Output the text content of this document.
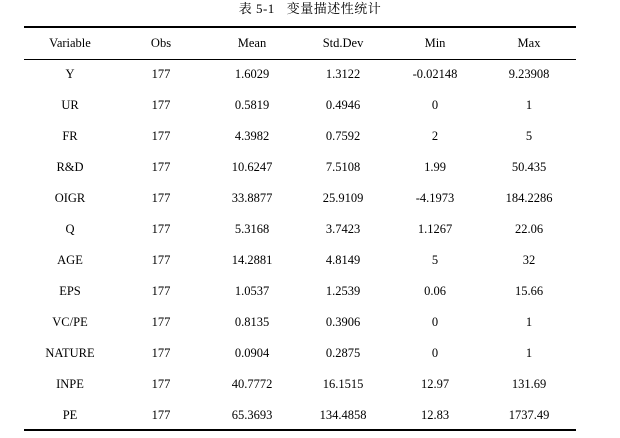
表 5-1 变量描述性统计
Variable	Obs	Mean	Std.Dev	Min	Max
Y	177	1.6029	1.3122	-0.02148	9.23908
UR	177	0.5819	0.4946	0	1
FR	177	4.3982	0.7592	2	5
R&D	177	10.6247	7.5108	1.99	50.435
OIGR	177	33.8877	25.9109	-4.1973	184.2286
Q	177	5.3168	3.7423	1.1267	22.06
AGE	177	14.2881	4.8149	5	32
EPS	177	1.0537	1.2539	0.06	15.66
VC/PE	177	0.8135	0.3906	0	1
NATURE	177	0.0904	0.2875	0	1
INPE	177	40.7772	16.1515	12.97	131.69
PE	177	65.3693	134.4858	12.83	1737.49
